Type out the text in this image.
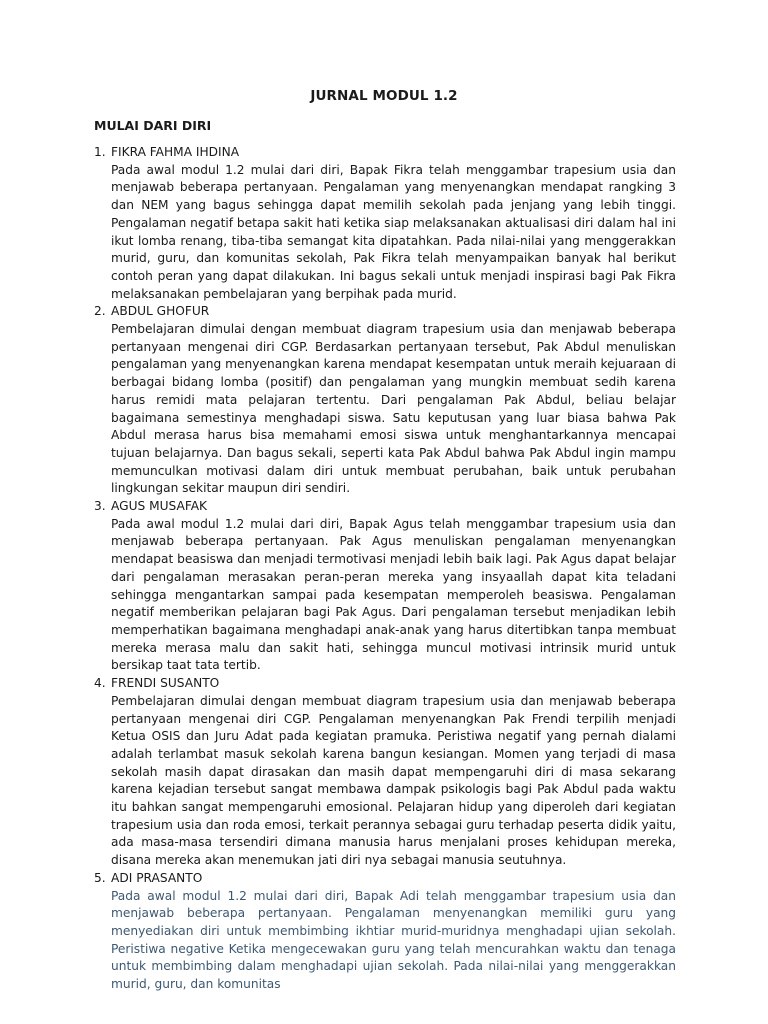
JURNAL MODUL 1.2
MULAI DARI DIRI
1. FIKRA FAHMA IHDINA
Pada awal modul 1.2 mulai dari diri, Bapak Fikra telah menggambar trapesium usia dan menjawab beberapa pertanyaan. Pengalaman yang menyenangkan mendapat rangking 3 dan NEM yang bagus sehingga dapat memilih sekolah pada jenjang yang lebih tinggi. Pengalaman negatif betapa sakit hati ketika siap melaksanakan aktualisasi diri dalam hal ini ikut lomba renang, tiba-tiba semangat kita dipatahkan. Pada nilai-nilai yang menggerakkan murid, guru, dan komunitas sekolah, Pak Fikra telah menyampaikan banyak hal berikut contoh peran yang dapat dilakukan. Ini bagus sekali untuk menjadi inspirasi bagi Pak Fikra melaksanakan pembelajaran yang berpihak pada murid.
2. ABDUL GHOFUR
Pembelajaran dimulai dengan membuat diagram trapesium usia dan menjawab beberapa pertanyaan mengenai diri CGP. Berdasarkan pertanyaan tersebut, Pak Abdul menuliskan pengalaman yang menyenangkan karena mendapat kesempatan untuk meraih kejuaraan di berbagai bidang lomba (positif) dan pengalaman yang mungkin membuat sedih karena harus remidi mata pelajaran tertentu. Dari pengalaman Pak Abdul, beliau belajar bagaimana semestinya menghadapi siswa. Satu keputusan yang luar biasa bahwa Pak Abdul merasa harus bisa memahami emosi siswa untuk menghantarkannya mencapai tujuan belajarnya. Dan bagus sekali, seperti kata Pak Abdul bahwa Pak Abdul ingin mampu memunculkan motivasi dalam diri untuk membuat perubahan, baik untuk perubahan lingkungan sekitar maupun diri sendiri.
3. AGUS MUSAFAK
Pada awal modul 1.2 mulai dari diri, Bapak Agus telah menggambar trapesium usia dan menjawab beberapa pertanyaan. Pak Agus menuliskan pengalaman menyenangkan mendapat beasiswa dan menjadi termotivasi menjadi lebih baik lagi. Pak Agus dapat belajar dari pengalaman merasakan peran-peran mereka yang insyaallah dapat kita teladani sehingga mengantarkan sampai pada kesempatan memperoleh beasiswa. Pengalaman negatif memberikan pelajaran bagi Pak Agus. Dari pengalaman tersebut menjadikan lebih memperhatikan bagaimana menghadapi anak-anak yang harus ditertibkan tanpa membuat mereka merasa malu dan sakit hati, sehingga muncul motivasi intrinsik murid untuk bersikap taat tata tertib.
4. FRENDI SUSANTO
Pembelajaran dimulai dengan membuat diagram trapesium usia dan menjawab beberapa pertanyaan mengenai diri CGP. Pengalaman menyenangkan Pak Frendi terpilih menjadi Ketua OSIS dan Juru Adat pada kegiatan pramuka. Peristiwa negatif yang pernah dialami adalah terlambat masuk sekolah karena bangun kesiangan. Momen yang terjadi di masa sekolah masih dapat dirasakan dan masih dapat mempengaruhi diri di masa sekarang karena kejadian tersebut sangat membawa dampak psikologis bagi Pak Abdul pada waktu itu bahkan sangat mempengaruhi emosional. Pelajaran hidup yang diperoleh dari kegiatan trapesium usia dan roda emosi, terkait perannya sebagai guru terhadap peserta didik yaitu, ada masa-masa tersendiri dimana manusia harus menjalani proses kehidupan mereka, disana mereka akan menemukan jati diri nya sebagai manusia seutuhnya.
5. ADI PRASANTO
Pada awal modul 1.2 mulai dari diri, Bapak Adi telah menggambar trapesium usia dan menjawab beberapa pertanyaan. Pengalaman menyenangkan memiliki guru yang menyediakan diri untuk membimbing ikhtiar murid-muridnya menghadapi ujian sekolah. Peristiwa negative Ketika mengecewakan guru yang telah mencurahkan waktu dan tenaga untuk membimbing dalam menghadapi ujian sekolah. Pada nilai-nilai yang menggerakkan murid, guru, dan komunitas
